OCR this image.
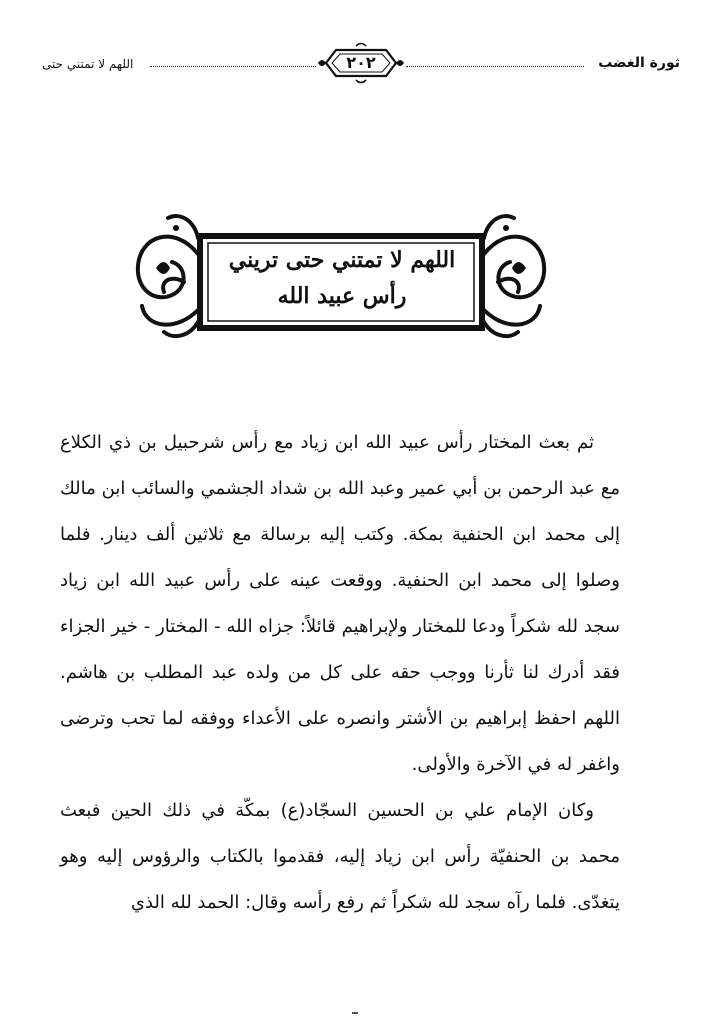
ثورة الغضب
٢٠٢
اللهم لا تمتني حتى
اللهم لا تمتني حتى تريني
رأس عبيد الله

ثم بعث المختار رأس عبيد الله ابن زياد مع رأس شرحبيل بن ذي الكلاع مع عبد الرحمن بن أبي عمير وعبد الله بن شداد الجشمي والسائب ابن مالك إلى محمد ابن الحنفية بمكة. وكتب إليه برسالة مع ثلاثين ألف دينار. فلما وصلوا إلى محمد ابن الحنفية. ووقعت عينه على رأس عبيد الله ابن زياد سجد لله شكراً ودعا للمختار ولإبراهيم قائلاً: جزاه الله - المختار - خير الجزاء فقد أدرك لنا ثأرنا ووجب حقه على كل من ولده عبد المطلب بن هاشم. اللهم احفظ إبراهيم بن الأشتر وانصره على الأعداء ووفقه لما تحب وترضى واغفر له في الآخرة والأولى.

وكان الإمام علي بن الحسين السجّاد(ع) بمكّة في ذلك الحين فبعث محمد بن الحنفيّة رأس ابن زياد إليه، فقدموا بالكتاب والرؤوس إليه وهو يتغدّى. فلما رآه سجد لله شكراً ثم رفع رأسه وقال: الحمد لله الذي
